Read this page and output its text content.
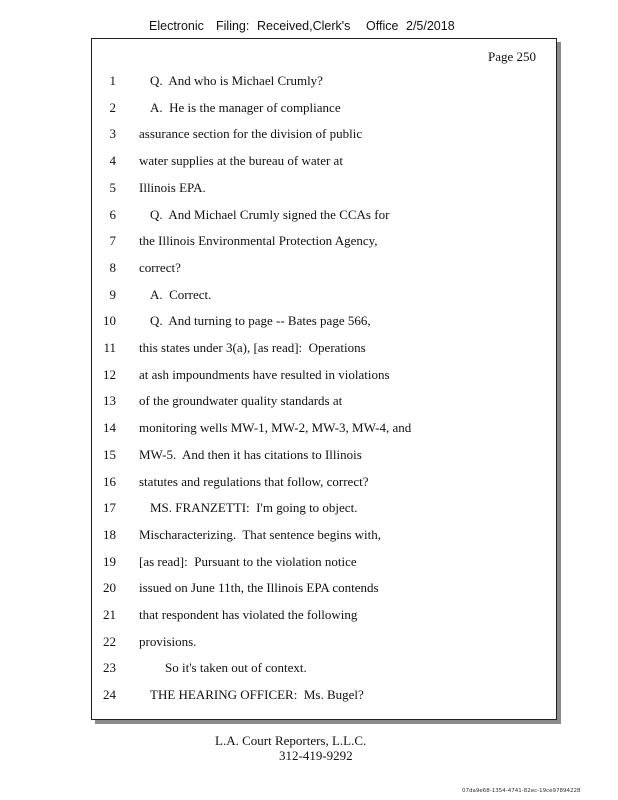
Electronic Filing: Received,Clerk's Office 2/5/2018
Page 250
1	Q.  And who is Michael Crumly?
2	A.  He is the manager of compliance
3 assurance section for the division of public
4 water supplies at the bureau of water at
5 Illinois EPA.
6	Q.  And Michael Crumly signed the CCAs for
7 the Illinois Environmental Protection Agency,
8 correct?
9	A.  Correct.
10	Q.  And turning to page -- Bates page 566,
11 this states under 3(a), [as read]:  Operations
12 at ash impoundments have resulted in violations
13 of the groundwater quality standards at
14 monitoring wells MW-1, MW-2, MW-3, MW-4, and
15 MW-5.  And then it has citations to Illinois
16 statutes and regulations that follow, correct?
17	MS. FRANZETTI:  I'm going to object.
18 Mischaracterizing.  That sentence begins with,
19 [as read]:  Pursuant to the violation notice
20 issued on June 11th, the Illinois EPA contends
21 that respondent has violated the following
22 provisions.
23	So it's taken out of context.
24	THE HEARING OFFICER:  Ms. Bugel?
L.A. Court Reporters, L.L.C.
312-419-9292
07da9e68-1354-4741-82ec-19ce97894228
